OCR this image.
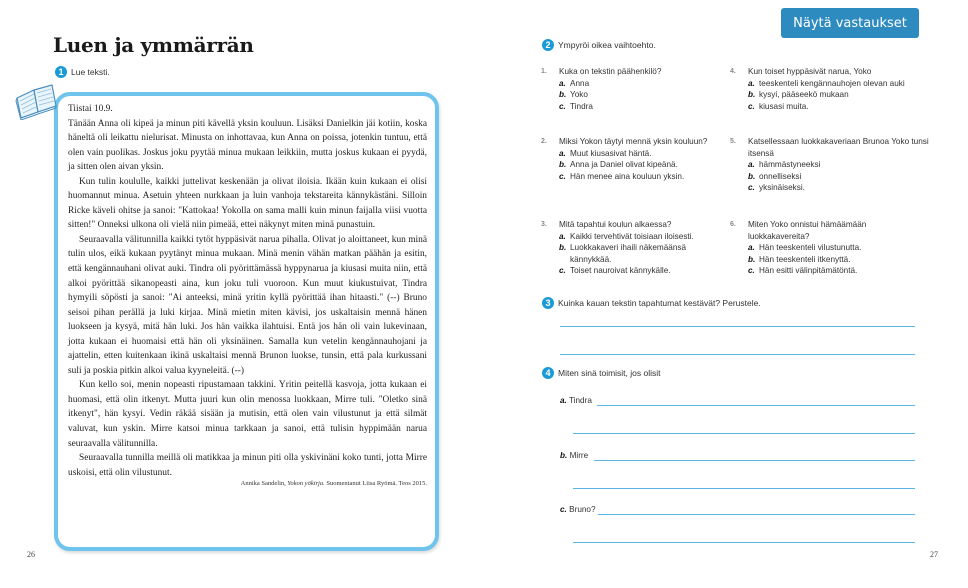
Luen ja ymmärrän
1 Lue teksti.
Tiistai 10.9.

Tänään Anna oli kipeä ja minun piti kävellä yksin kouluun. Lisäksi Danielkin jäi kotiin, koska häneltä oli leikattu nielurisat. Minusta on inhottavaa, kun Anna on poissa, jotenkin tuntuu, että olen vain puolikas. Joskus joku pyytää minua mukaan leikkiin, mutta joskus kukaan ei pyydä, ja sitten olen aivan yksin.

Kun tulin koululle, kaikki juttelivat keskenään ja olivat iloisia. Ikään kuin kukaan ei olisi huomannut minua. Asetuin yhteen nurkkaan ja luin vanhoja tekstareita kännykästäni. Silloin Ricke käveli ohitse ja sanoi: "Kattokaa! Yokolla on sama malli kuin minun faijalla viisi vuotta sitten!" Onneksi ulkona oli vielä niin pimeää, ettei näkynyt miten minä punastuin.

Seuraavalla välitunnilla kaikki tytöt hyppäsivät narua pihalla. Olivat jo aloittaneet, kun minä tulin ulos, eikä kukaan pyytänyt minua mukaan. Minä menin vähän matkan päähän ja esitin, että kengännauhani olivat auki. Tindra oli pyörittämässä hyppynarua ja kiusasi muita niin, että alkoi pyörittää sikanopeasti aina, kun joku tuli vuoroon. Kun muut kiukustuivat, Tindra hymyili söpösti ja sanoi: "Ai anteeksi, minä yritin kyllä pyörittää ihan hitaasti." (--) Bruno seisoi pihan perällä ja luki kirjaa. Minä mietin miten kävisi, jos uskaltaisin mennä hänen luokseen ja kysyä, mitä hän luki. Jos hän vaikka ilahtuisi. Entä jos hän oli vain lukevinaan, jotta kukaan ei huomaisi että hän oli yksinäinen. Samalla kun vetelin kengännauhojani ja ajattelin, etten kuitenkaan ikinä uskaltaisi mennä Brunon luokse, tunsin, että pala kurkussani suli ja poskia pitkin alkoi valua kyyneleitä. (--)

Kun kello soi, menin nopeasti ripustamaan takkini. Yritin peitellä kasvoja, jotta kukaan ei huomasi, että olin itkenyt. Mutta juuri kun olin menossa luokkaan, Mirre tuli. "Oletko sinä itkenyt", hän kysyi. Vedin räkää sisään ja mutisin, että olen vain vilustunut ja että silmät valuvat, kun yskin. Mirre katsoi minua tarkkaan ja sanoi, että tulisin hyppimään narua seuraavalla välitunnilla.

Seuraavalla tunnilla meillä oli matikkaa ja minun piti olla yskivinäni koko tunti, jotta Mirre uskoisi, että olin vilustunut.

Annika Sandelin, Yokon yökirja. Suomentanut Liisa Ryömä. Teos 2015.
26
Näytä vastaukset
2 Ympyröi oikea vaihtoehto.
1. Kuka on tekstin päähenkilö?
a. Anna
b. Yoko
c. Tindra
2. Miksi Yokon täytyi mennä yksin kouluun?
a. Muut kiusasivat häntä.
b. Anna ja Daniel olivat kipeänä.
c. Hän menee aina kouluun yksin.
3. Mitä tapahtui koulun alkaessa?
a. Kaikki tervehtivät toisiaan iloisesti.
b. Luokkakaveri ihaili näkemäänsä kännykkää.
c. Toiset nauroivat kännykälle.
4. Kun toiset hyppäsivät narua, Yoko
a. teeskenteli kengännauhojen olevan auki
b. kysyi, pääseekö mukaan
c. kiusasi muita.
5. Katsellessaan luokkakaveriaan Brunoa Yoko tunsi itsensä
a. hämmästyneeksi
b. onnelliseksi
c. yksinäiseksi.
6. Miten Yoko onnistui hämäämään luokkakavereita?
a. Hän teeskenteli vilustunutta.
b. Hän teeskenteli itkenyttä.
c. Hän esitti välinpitämätöntä.
3 Kuinka kauan tekstin tapahtumat kestävät? Perustele.
4 Miten sinä toimisit, jos olisit
a. Tindra
b. Mirre
c. Bruno?
27
